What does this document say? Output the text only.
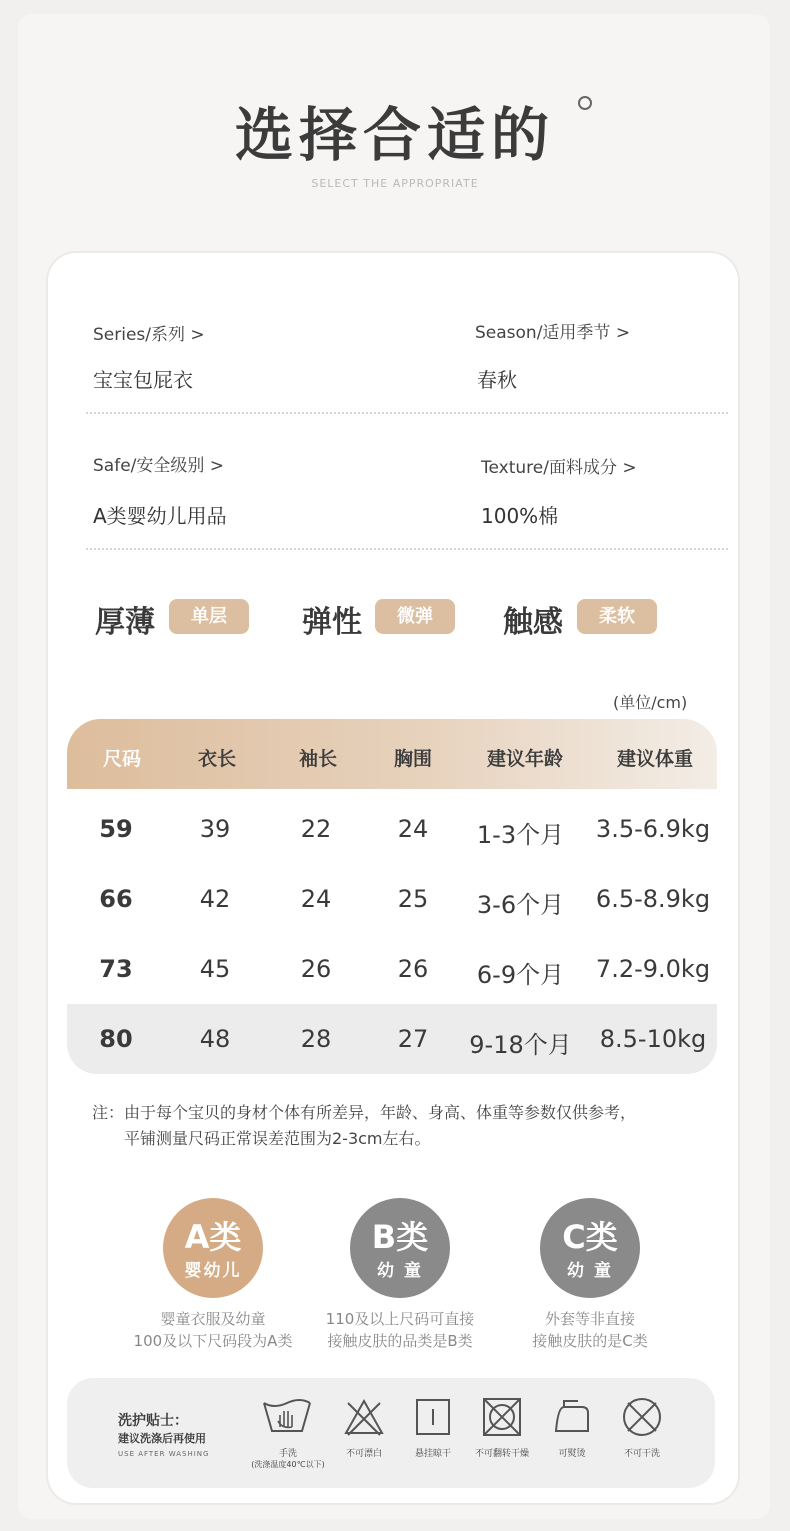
选择合适的
SELECT THE APPROPRIATE
Series/系列 >
宝宝包屁衣
Season/适用季节 >
春秋
Safe/安全级别 >
A类婴幼儿用品
Texture/面料成分 >
100%棉
厚薄	单层	弹性	微弹	触感	柔软
(单位/cm)
尺码	衣长	袖长	胸围	建议年龄	建议体重
59	39	22	24	1-3个月	3.5-6.9kg
66	42	24	25	3-6个月	6.5-8.9kg
73	45	26	26	6-9个月	7.2-9.0kg
80	48	28	27	9-18个月	8.5-10kg
注：由于每个宝贝的身材个体有所差异，年龄、身高、体重等参数仅供参考，
平铺测量尺码正常误差范围为2-3cm左右。
A类
婴幼儿
婴童衣服及幼童
100及以下尺码段为A类
B类
幼 童
110及以上尺码可直接
接触皮肤的品类是B类
C类
幼 童
外套等非直接
接触皮肤的是C类
洗护贴士：
建议洗涤后再使用
USE AFTER WASHING	手洗
(洗涤温度40℃以下)
不可漂白	悬挂晾干	不可翻转干燥	可熨烫	不可干洗
